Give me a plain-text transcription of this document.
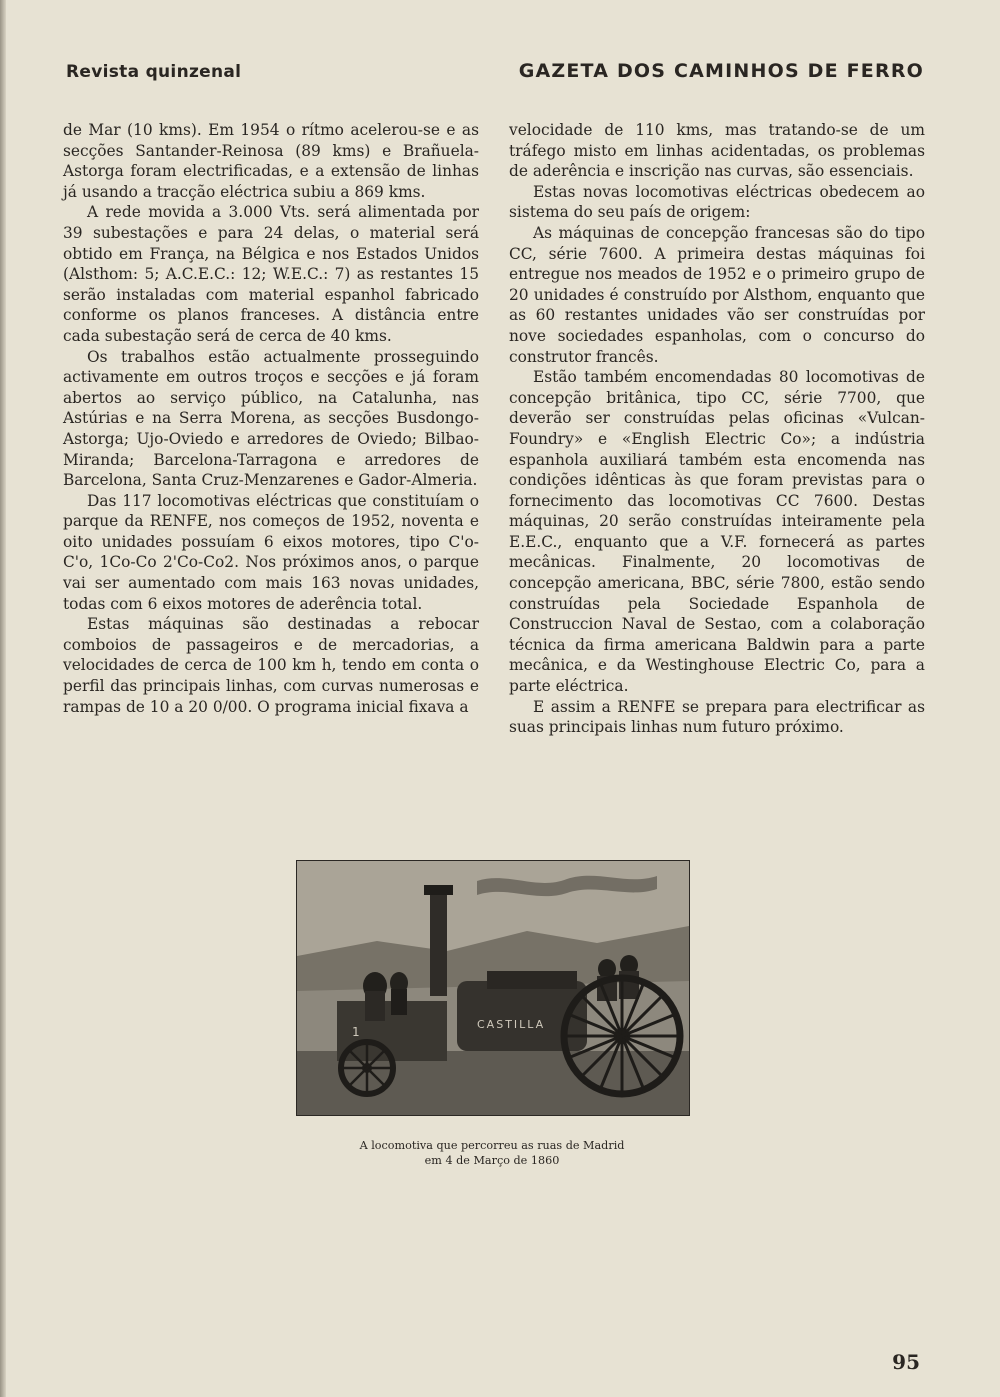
Revista quinzenal	GAZETA DOS CAMINHOS DE FERRO

de Mar (10 kms). Em 1954 o rítmo acelerou-se e as secções Santander-Reinosa (89 kms) e Brañuela-Astorga foram electrificadas, e a extensão de linhas já usando a tracção eléctrica subiu a 869 kms.

A rede movida a 3.000 Vts. será alimentada por 39 subestações e para 24 delas, o material será obtido em França, na Bélgica e nos Estados Unidos (Alsthom: 5; A.C.E.C.: 12; W.E.C.: 7) as restantes 15 serão instaladas com material espanhol fabricado conforme os planos franceses. A distância entre cada subestação será de cerca de 40 kms.

Os trabalhos estão actualmente prosseguindo activamente em outros troços e secções e já foram abertos ao serviço público, na Catalunha, nas Astúrias e na Serra Morena, as secções Busdongo-Astorga; Ujo-Oviedo e arredores de Oviedo; Bilbao-Miranda; Barcelona-Tarragona e arredores de Barcelona, Santa Cruz-Menzarenes e Gador-Almeria.

Das 117 locomotivas eléctricas que constituíam o parque da RENFE, nos começos de 1952, noventa e oito unidades possuíam 6 eixos motores, tipo C'o-C'o, 1Co-Co 2'Co-Co2. Nos próximos anos, o parque vai ser aumentado com mais 163 novas unidades, todas com 6 eixos motores de aderência total.

Estas máquinas são destinadas a rebocar comboios de passageiros e de mercadorias, a velocidades de cerca de 100 km h, tendo em conta o perfil das principais linhas, com curvas numerosas e rampas de 10 a 20 0/00. O programa inicial fixava a

velocidade de 110 kms, mas tratando-se de um tráfego misto em linhas acidentadas, os problemas de aderência e inscrição nas curvas, são essenciais.

Estas novas locomotivas eléctricas obedecem ao sistema do seu país de origem:

As máquinas de concepção francesas são do tipo CC, série 7600. A primeira destas máquinas foi entregue nos meados de 1952 e o primeiro grupo de 20 unidades é construído por Alsthom, enquanto que as 60 restantes unidades vão ser construídas por nove sociedades espanholas, com o concurso do construtor francês.

Estão também encomendadas 80 locomotivas de concepção britânica, tipo CC, série 7700, que deverão ser construídas pelas oficinas «Vulcan-Foundry» e «English Electric Co»; a indústria espanhola auxiliará também esta encomenda nas condições idênticas às que foram previstas para o fornecimento das locomotivas CC 7600. Destas máquinas, 20 serão construídas inteiramente pela E.E.C., enquanto que a V.F. fornecerá as partes mecânicas. Finalmente, 20 locomotivas de concepção americana, BBC, série 7800, estão sendo construídas pela Sociedade Espanhola de Construccion Naval de Sestao, com a colaboração técnica da firma americana Baldwin para a parte mecânica, e da Westinghouse Electric Co, para a parte eléctrica.

E assim a RENFE se prepara para electrificar as suas principais linhas num futuro próximo.

CASTILLA
1
A locomotiva que percorreu as ruas de Madrid
em 4 de Março de 1860
95
